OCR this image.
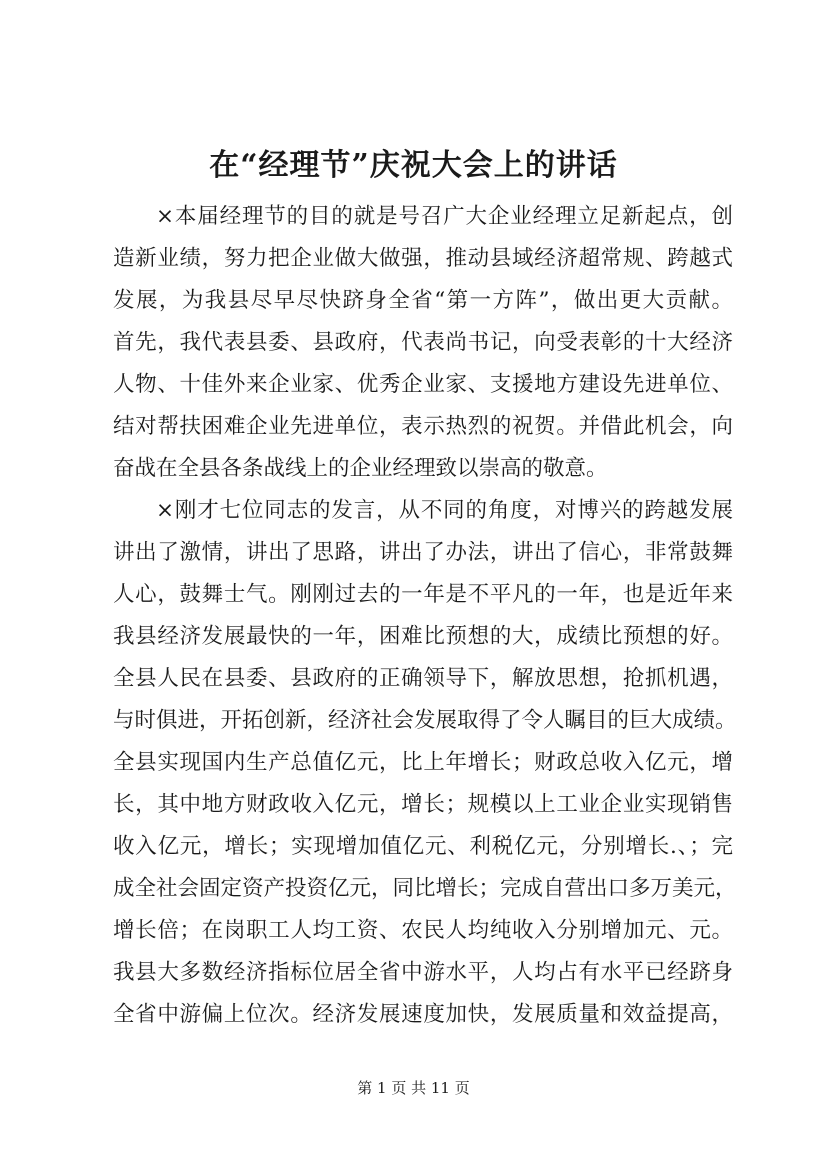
在“经理节”庆祝大会上的讲话
×本届经理节的目的就是号召广大企业经理立足新起点，创
造新业绩，努力把企业做大做强，推动县域经济超常规、跨越式
发展，为我县尽早尽快跻身全省“第一方阵”，做出更大贡献。
首先，我代表县委、县政府，代表尚书记，向受表彰的十大经济
人物、十佳外来企业家、优秀企业家、支援地方建设先进单位、
结对帮扶困难企业先进单位，表示热烈的祝贺。并借此机会，向
奋战在全县各条战线上的企业经理致以崇高的敬意。
×刚才七位同志的发言，从不同的角度，对博兴的跨越发展
讲出了激情，讲出了思路，讲出了办法，讲出了信心，非常鼓舞
人心，鼓舞士气。刚刚过去的一年是不平凡的一年，也是近年来
我县经济发展最快的一年，困难比预想的大，成绩比预想的好。
全县人民在县委、县政府的正确领导下，解放思想，抢抓机遇，
与时俱进，开拓创新，经济社会发展取得了令人瞩目的巨大成绩。
全县实现国内生产总值亿元，比上年增长；财政总收入亿元，增
长，其中地方财政收入亿元，增长；规模以上工业企业实现销售
收入亿元，增长；实现增加值亿元、利税亿元，分别增长.、；完
成全社会固定资产投资亿元，同比增长；完成自营出口多万美元，
增长倍；在岗职工人均工资、农民人均纯收入分别增加元、元。
我县大多数经济指标位居全省中游水平，人均占有水平已经跻身
全省中游偏上位次。经济发展速度加快，发展质量和效益提高，
第 1 页 共 11 页
